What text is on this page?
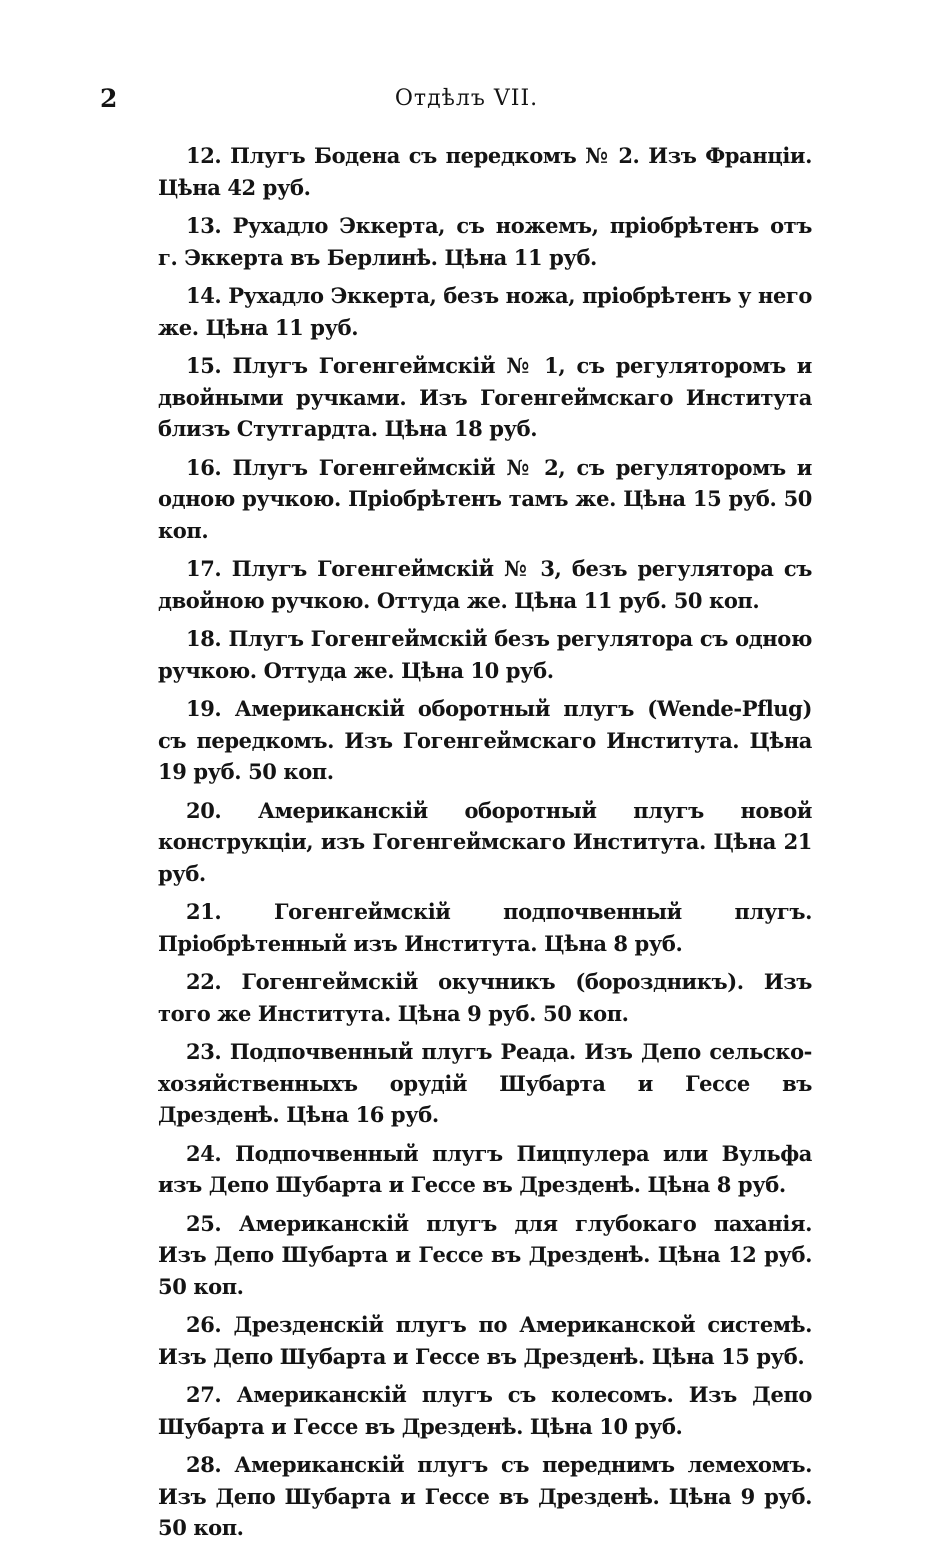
2	Отдѣлъ VII.

12. Плугъ Бодена съ передкомъ № 2. Изъ Франціи. Цѣна 42 руб.

13. Рухадло Эккерта, съ ножемъ, пріобрѣтенъ отъ г. Эккерта въ Берлинѣ. Цѣна 11 руб.

14. Рухадло Эккерта, безъ ножа, пріобрѣтенъ у него же. Цѣна 11 руб.

15. Плугъ Гогенгеймскій № 1, съ регуляторомъ и двойными ручками. Изъ Гогенгеймскаго Института близъ Стутгардта. Цѣна 18 руб.

16. Плугъ Гогенгеймскій № 2, съ регуляторомъ и одною ручкою. Пріобрѣтенъ тамъ же. Цѣна 15 руб. 50 коп.

17. Плугъ Гогенгеймскій № 3, безъ регулятора съ двойною ручкою. Оттуда же. Цѣна 11 руб. 50 коп.

18. Плугъ Гогенгеймскій безъ регулятора съ одною ручкою. Оттуда же. Цѣна 10 руб.

19. Американскій оборотный плугъ (Wende-Pflug) съ передкомъ. Изъ Гогенгеймскаго Института. Цѣна 19 руб. 50 коп.

20. Американскій оборотный плугъ новой конструкціи, изъ Гогенгеймскаго Института. Цѣна 21 руб.

21. Гогенгеймскій подпочвенный плугъ. Пріобрѣтенный изъ Института. Цѣна 8 руб.

22. Гогенгеймскій окучникъ (бороздникъ). Изъ того же Института. Цѣна 9 руб. 50 коп.

23. Подпочвенный плугъ Реада. Изъ Депо сельско-хозяйственныхъ орудій Шубарта и Гессе въ Дрезденѣ. Цѣна 16 руб.

24. Подпочвенный плугъ Пицпулера или Вульфа изъ Депо Шубарта и Гессе въ Дрезденѣ. Цѣна 8 руб.

25. Американскій плугъ для глубокаго паханія. Изъ Депо Шубарта и Гессе въ Дрезденѣ. Цѣна 12 руб. 50 коп.

26. Дрезденскій плугъ по Американской системѣ. Изъ Депо Шубарта и Гессе въ Дрезденѣ. Цѣна 15 руб.

27. Американскій плугъ съ колесомъ. Изъ Депо Шубарта и Гессе въ Дрезденѣ. Цѣна 10 руб.

28. Американскій плугъ съ переднимъ лемехомъ. Изъ Депо Шубарта и Гессе въ Дрезденѣ. Цѣна 9 руб. 50 коп.
